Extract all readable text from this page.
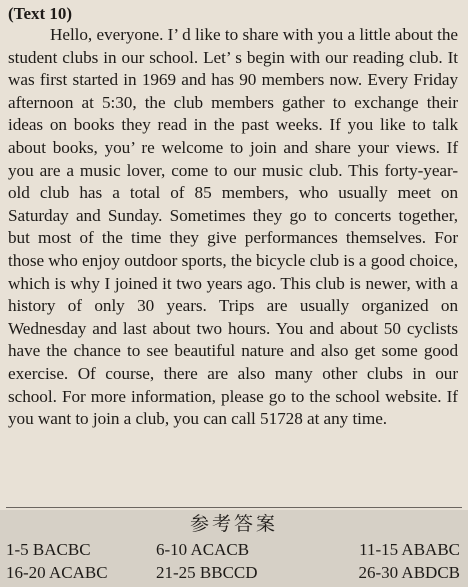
(Text 10)

Hello, everyone. I’ d like to share with you a little about the student clubs in our school. Let’ s begin with our reading club. It was first started in 1969 and has 90 members now. Every Friday afternoon at 5:30, the club members gather to exchange their ideas on books they read in the past weeks. If you like to talk about books, you’ re welcome to join and share your views. If you are a music lover, come to our music club. This forty-year-old club has a total of 85 members, who usually meet on Saturday and Sunday. Sometimes they go to concerts together, but most of the time they give performances themselves. For those who enjoy outdoor sports, the bicycle club is a good choice, which is why I joined it two years ago. This club is newer, with a history of only 30 years. Trips are usually organized on Wednesday and last about two hours. You and about 50 cyclists have the chance to see beautiful nature and also get some good exercise. Of course, there are also many other clubs in our school. For more information, please go to the school website. If you want to join a club, you can call 51728 at any time.

参考答案

1-5 BACBC	6-10 ACACB	11-15 ABABC
16-20 ACABC	21-25 BBCCD	26-30 ABDCB
